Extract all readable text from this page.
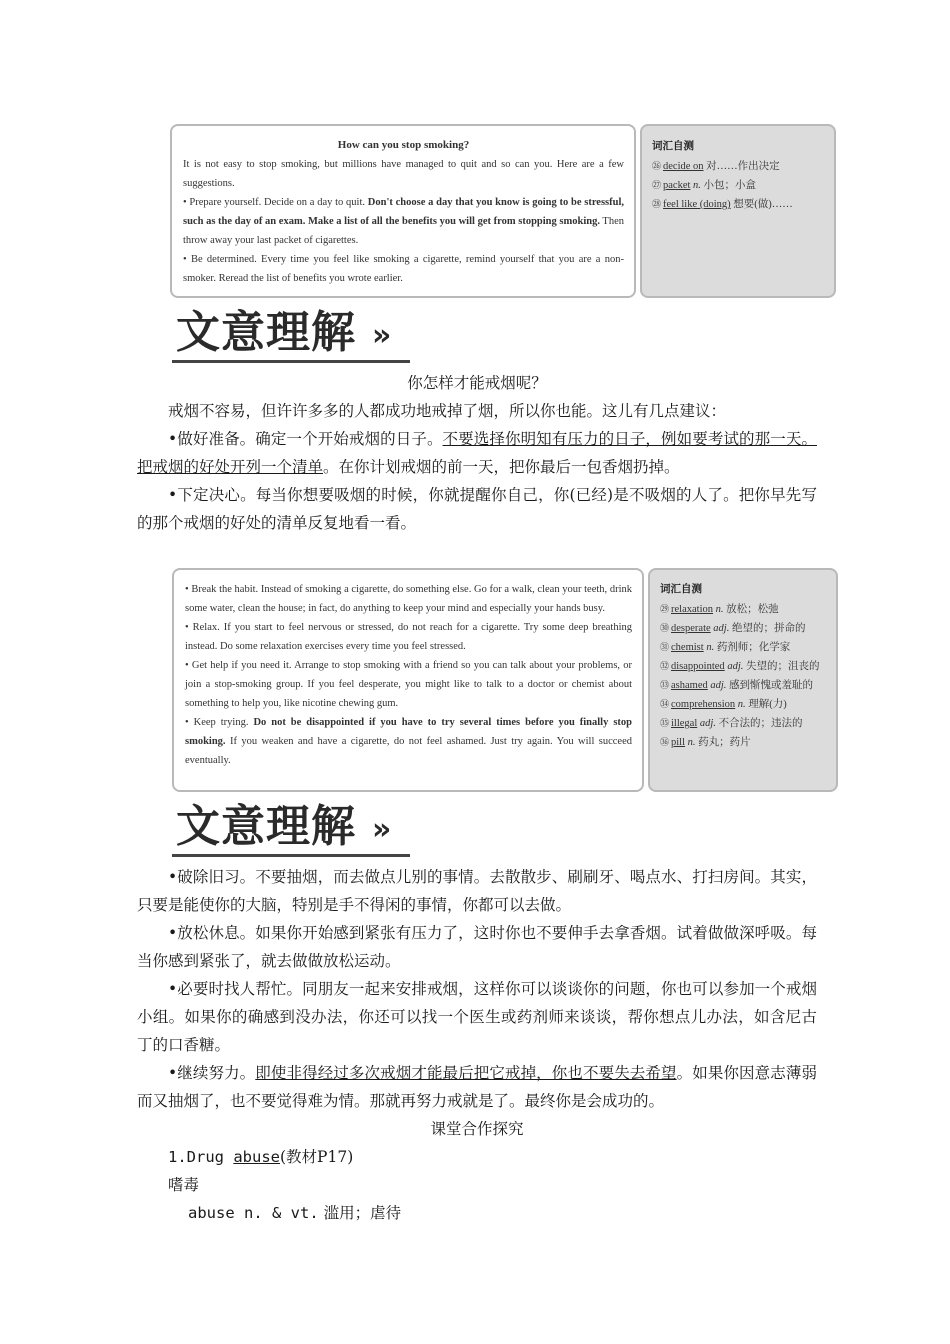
How can you stop smoking?

It is not easy to stop smoking, but millions have managed to quit and so can you. Here are a few suggestions.

• Prepare yourself. Decide on a day to quit. Don't choose a day that you know is going to be stressful, such as the day of an exam. Make a list of all the benefits you will get from stopping smoking. Then throw away your last packet of cigarettes.

• Be determined. Every time you feel like smoking a cigarette, remind yourself that you are a non-smoker. Reread the list of benefits you wrote earlier.

词汇自测
㉖ decide on 对……作出决定
㉗ packet n. 小包；小盒
㉘ feel like (doing) 想要(做)……
文意理解 »

你怎样才能戒烟呢？

戒烟不容易，但许许多多的人都成功地戒掉了烟，所以你也能。这儿有几点建议：

•做好准备。确定一个开始戒烟的日子。不要选择你明知有压力的日子，例如要考试的那一天。把戒烟的好处开列一个清单。在你计划戒烟的前一天，把你最后一包香烟扔掉。

•下定决心。每当你想要吸烟的时候，你就提醒你自己，你(已经)是不吸烟的人了。把你早先写的那个戒烟的好处的清单反复地看一看。

• Break the habit. Instead of smoking a cigarette, do something else. Go for a walk, clean your teeth, drink some water, clean the house; in fact, do anything to keep your mind and especially your hands busy.

• Relax. If you start to feel nervous or stressed, do not reach for a cigarette. Try some deep breathing instead. Do some relaxation exercises every time you feel stressed.

• Get help if you need it. Arrange to stop smoking with a friend so you can talk about your problems, or join a stop-smoking group. If you feel desperate, you might like to talk to a doctor or chemist about something to help you, like nicotine chewing gum.

• Keep trying. Do not be disappointed if you have to try several times before you finally stop smoking. If you weaken and have a cigarette, do not feel ashamed. Just try again. You will succeed eventually.

词汇自测
㉙ relaxation n. 放松；松弛
㉚ desperate adj. 绝望的；拼命的
㉛ chemist n. 药剂师；化学家
㉜ disappointed adj. 失望的；沮丧的
㉝ ashamed adj. 感到惭愧或羞耻的
㉞ comprehension n. 理解(力)
㉟ illegal adj. 不合法的；违法的
㊱ pill n. 药丸；药片
文意理解 »

•破除旧习。不要抽烟，而去做点儿别的事情。去散散步、刷刷牙、喝点水、打扫房间。其实，只要是能使你的大脑，特别是手不得闲的事情，你都可以去做。

•放松休息。如果你开始感到紧张有压力了，这时你也不要伸手去拿香烟。试着做做深呼吸。每当你感到紧张了，就去做做放松运动。

•必要时找人帮忙。同朋友一起来安排戒烟，这样你可以谈谈你的问题，你也可以参加一个戒烟小组。如果你的确感到没办法，你还可以找一个医生或药剂师来谈谈，帮你想点儿办法，如含尼古丁的口香糖。

•继续努力。即使非得经过多次戒烟才能最后把它戒掉，你也不要失去希望。如果你因意志薄弱而又抽烟了，也不要觉得难为情。那就再努力戒就是了。最终你是会成功的。

课堂合作探究

1.Drug abuse(教材P17)

嗜毒

abuse n. & vt. 滥用；虐待
